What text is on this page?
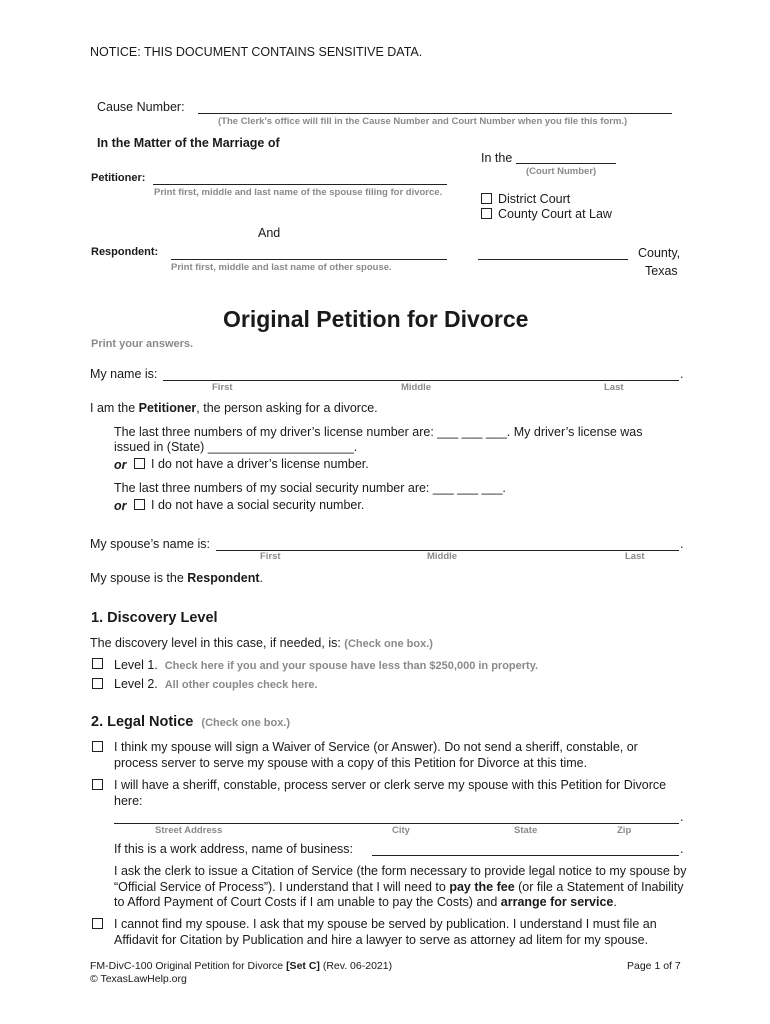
NOTICE: THIS DOCUMENT CONTAINS SENSITIVE DATA.
Cause Number:
(The Clerk's office will fill in the Cause Number and Court Number when you file this form.)
In the Matter of the Marriage of
In the
(Court Number)
Petitioner:
Print first, middle and last name of the spouse filing for divorce.	District Court
County Court at Law
And
Respondent:
Print first, middle and last name of other spouse.
County,
Texas
Original Petition for Divorce
Print your answers.
My name is:	.
First	Middle	Last
I am the Petitioner, the person asking for a divorce.
The last three numbers of my driver’s license number are: ___ ___ ___. My driver’s license was
issued in (State) _____________________.
or I do not have a driver’s license number.
The last three numbers of my social security number are: ___ ___ ___.
or I do not have a social security number.
My spouse’s name is:	.
First	Middle	Last
My spouse is the Respondent.
1. Discovery Level
The discovery level in this case, if needed, is: (Check one box.)
Level 1. Check here if you and your spouse have less than $250,000 in property.
Level 2. All other couples check here.
2. Legal Notice (Check one box.)
I think my spouse will sign a Waiver of Service (or Answer). Do not send a sheriff, constable, or
process server to serve my spouse with a copy of this Petition for Divorce at this time.
I will have a sheriff, constable, process server or clerk serve my spouse with this Petition for Divorce
here:
.
Street Address	City	State	Zip
If this is a work address, name of business:	.
I ask the clerk to issue a Citation of Service (the form necessary to provide legal notice to my spouse by
“Official Service of Process”). I understand that I will need to pay the fee (or file a Statement of Inability
to Afford Payment of Court Costs if I am unable to pay the Costs) and arrange for service.
I cannot find my spouse. I ask that my spouse be served by publication. I understand I must file an
Affidavit for Citation by Publication and hire a lawyer to serve as attorney ad litem for my spouse.
FM-DivC-100 Original Petition for Divorce [Set C] (Rev. 06-2021)
© TexasLawHelp.org
Page 1 of 7
